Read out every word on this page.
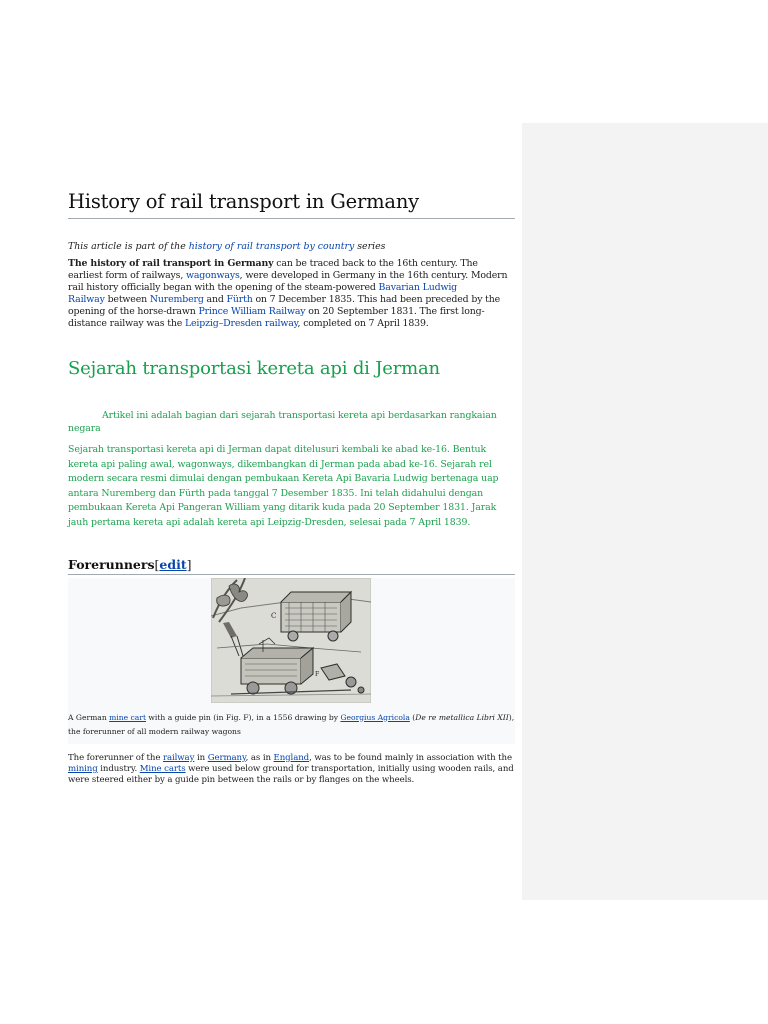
History of rail transport in Germany
This article is part of the history of rail transport by country series

The history of rail transport in Germany can be traced back to the 16th century. The earliest form of railways, wagonways, were developed in Germany in the 16th century. Modern rail history officially began with the opening of the steam-powered Bavarian Ludwig
Railway between Nuremberg and Fürth on 7 December 1835. This had been preceded by the opening of the horse-drawn Prince William Railway on 20 September 1831. The first long-distance railway was the Leipzig–Dresden railway, completed on 7 April 1839.

Sejarah transportasi kereta api di Jerman

Artikel ini adalah bagian dari sejarah transportasi kereta api berdasarkan rangkaian negara

Sejarah transportasi kereta api di Jerman dapat ditelusuri kembali ke abad ke-16. Bentuk kereta api paling awal, wagonways, dikembangkan di Jerman pada abad ke-16. Sejarah rel modern secara resmi dimulai dengan pembukaan Kereta Api Bavaria Ludwig bertenaga uap antara Nuremberg dan Fürth pada tanggal 7 Desember 1835. Ini telah didahului dengan pembukaan Kereta Api Pangeran William yang ditarik kuda pada 20 September 1831. Jarak jauh pertama kereta api adalah kereta api Leipzig-Dresden, selesai pada 7 April 1839.

Forerunners[edit]
C
F
A German mine cart with a guide pin (in Fig. F), in a 1556 drawing by Georgius Agricola (De re metallica Libri XII), the forerunner of all modern railway wagons

The forerunner of the railway in Germany, as in England, was to be found mainly in association with the mining industry. Mine carts were used below ground for transportation, initially using wooden rails, and were steered either by a guide pin between the rails or by flanges on the wheels.
